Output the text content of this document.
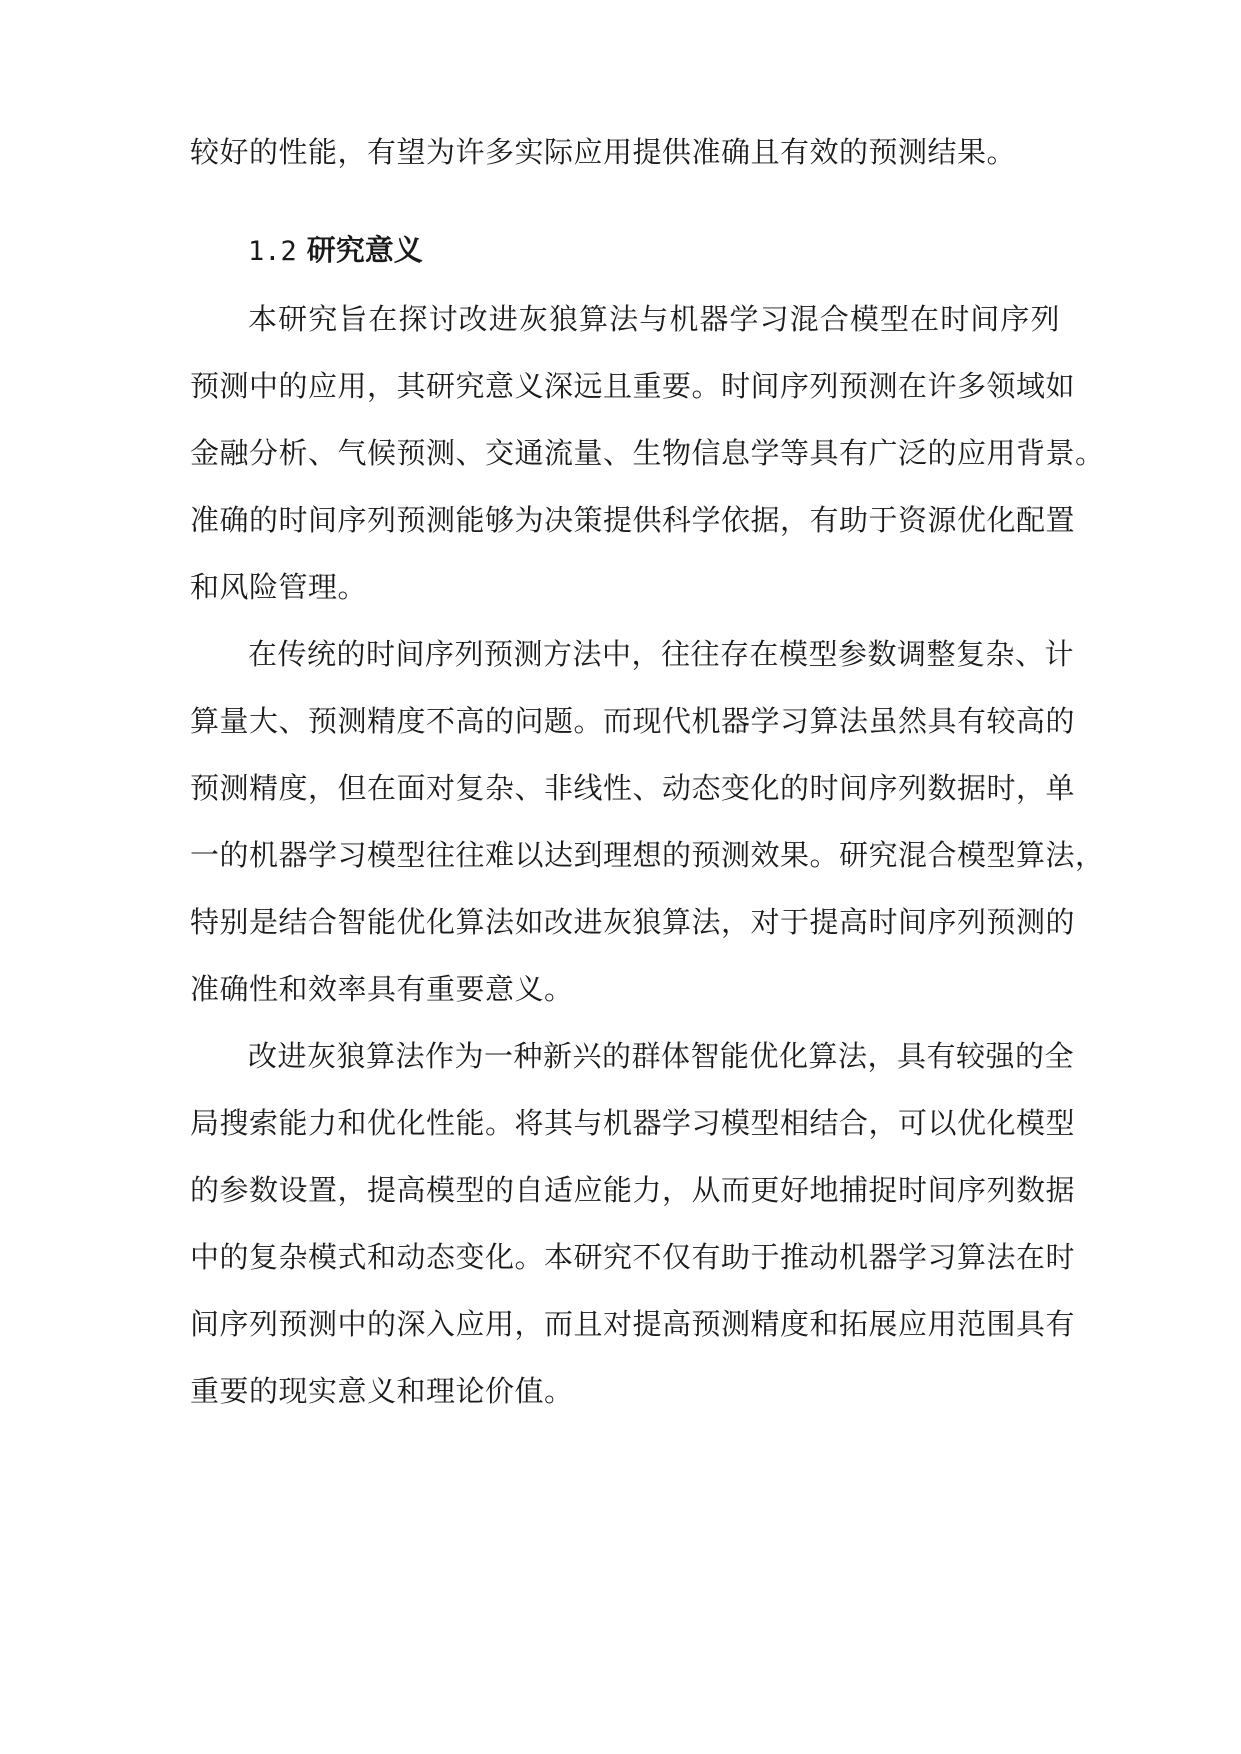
较好的性能，有望为许多实际应用提供准确且有效的预测结果。
1.2 研究意义
本研究旨在探讨改进灰狼算法与机器学习混合模型在时间序列
预测中的应用，其研究意义深远且重要。时间序列预测在许多领域如
金融分析、气候预测、交通流量、生物信息学等具有广泛的应用背景。
准确的时间序列预测能够为决策提供科学依据，有助于资源优化配置
和风险管理。
在传统的时间序列预测方法中，往往存在模型参数调整复杂、计
算量大、预测精度不高的问题。而现代机器学习算法虽然具有较高的
预测精度，但在面对复杂、非线性、动态变化的时间序列数据时，单
一的机器学习模型往往难以达到理想的预测效果。研究混合模型算法，
特别是结合智能优化算法如改进灰狼算法，对于提高时间序列预测的
准确性和效率具有重要意义。
改进灰狼算法作为一种新兴的群体智能优化算法，具有较强的全
局搜索能力和优化性能。将其与机器学习模型相结合，可以优化模型
的参数设置，提高模型的自适应能力，从而更好地捕捉时间序列数据
中的复杂模式和动态变化。本研究不仅有助于推动机器学习算法在时
间序列预测中的深入应用，而且对提高预测精度和拓展应用范围具有
重要的现实意义和理论价值。
